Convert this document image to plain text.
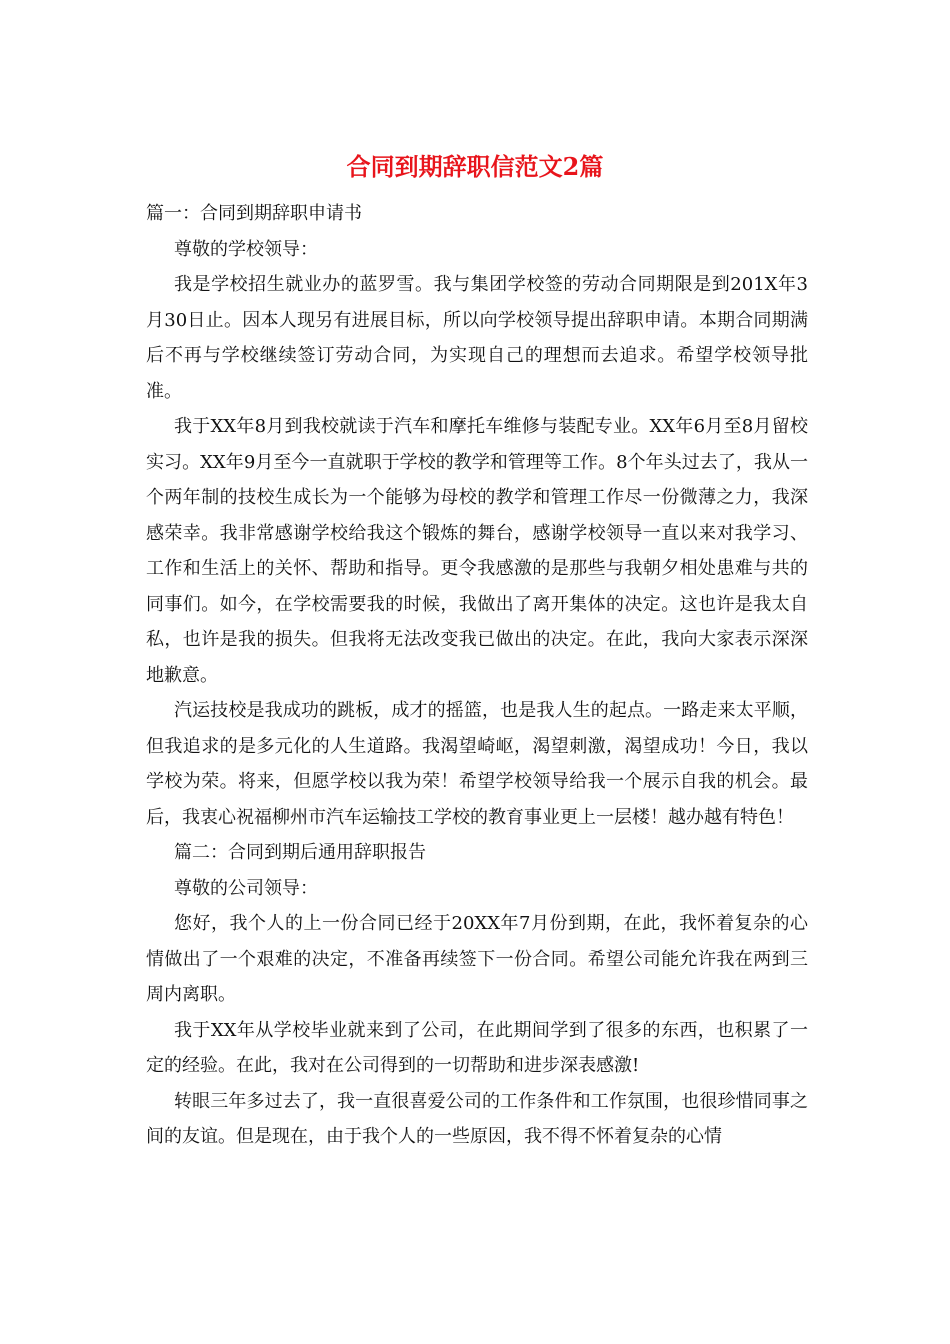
合同到期辞职信范文2篇

篇一：合同到期辞职申请书

尊敬的学校领导：

我是学校招生就业办的蓝罗雪。我与集团学校签的劳动合同期限是到201X年3月30日止。因本人现另有进展目标，所以向学校领导提出辞职申请。本期合同期满后不再与学校继续签订劳动合同，为实现自己的理想而去追求。希望学校领导批准。

我于XX年8月到我校就读于汽车和摩托车维修与装配专业。XX年6月至8月留校实习。XX年9月至今一直就职于学校的教学和管理等工作。8个年头过去了，我从一个两年制的技校生成长为一个能够为母校的教学和管理工作尽一份微薄之力，我深感荣幸。我非常感谢学校给我这个锻炼的舞台，感谢学校领导一直以来对我学习、工作和生活上的关怀、帮助和指导。更令我感激的是那些与我朝夕相处患难与共的同事们。如今，在学校需要我的时候，我做出了离开集体的决定。这也许是我太自私，也许是我的损失。但我将无法改变我已做出的决定。在此，我向大家表示深深地歉意。

汽运技校是我成功的跳板，成才的摇篮，也是我人生的起点。一路走来太平顺，但我追求的是多元化的人生道路。我渴望崎岖，渴望刺激，渴望成功！今日，我以学校为荣。将来，但愿学校以我为荣！希望学校领导给我一个展示自我的机会。最后，我衷心祝福柳州市汽车运输技工学校的教育事业更上一层楼！越办越有特色！

篇二：合同到期后通用辞职报告

尊敬的公司领导：

您好，我个人的上一份合同已经于20XX年7月份到期，在此，我怀着复杂的心情做出了一个艰难的决定，不准备再续签下一份合同。希望公司能允许我在两到三周内离职。

我于XX年从学校毕业就来到了公司，在此期间学到了很多的东西，也积累了一定的经验。在此，我对在公司得到的一切帮助和进步深表感激!

转眼三年多过去了，我一直很喜爱公司的工作条件和工作氛围，也很珍惜同事之间的友谊。但是现在，由于我个人的一些原因，我不得不怀着复杂的心情
